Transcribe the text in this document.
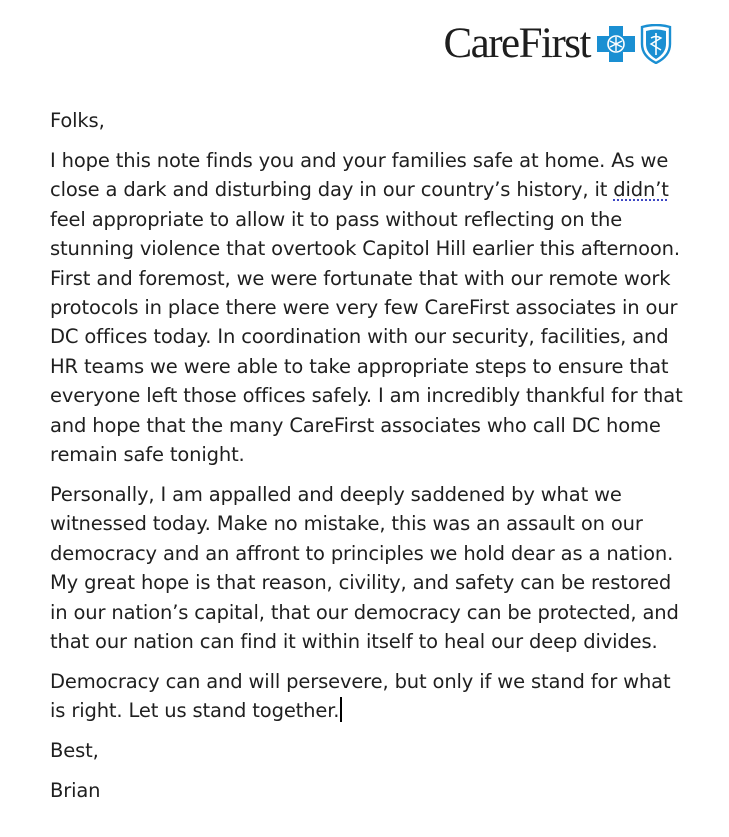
CareFirst

Folks,

I hope this note finds you and your families safe at home. As we close a dark and disturbing day in our country’s history, it didn’t feel appropriate to allow it to pass without reflecting on the stunning violence that overtook Capitol Hill earlier this afternoon. First and foremost, we were fortunate that with our remote work protocols in place there were very few CareFirst associates in our DC offices today. In coordination with our security, facilities, and HR teams we were able to take appropriate steps to ensure that everyone left those offices safely. I am incredibly thankful for that and hope that the many CareFirst associates who call DC home remain safe tonight.

Personally, I am appalled and deeply saddened by what we witnessed today. Make no mistake, this was an assault on our democracy and an affront to principles we hold dear as a nation. My great hope is that reason, civility, and safety can be restored in our nation’s capital, that our democracy can be protected, and that our nation can find it within itself to heal our deep divides.

Democracy can and will persevere, but only if we stand for what is right. Let us stand together.

Best,

Brian
